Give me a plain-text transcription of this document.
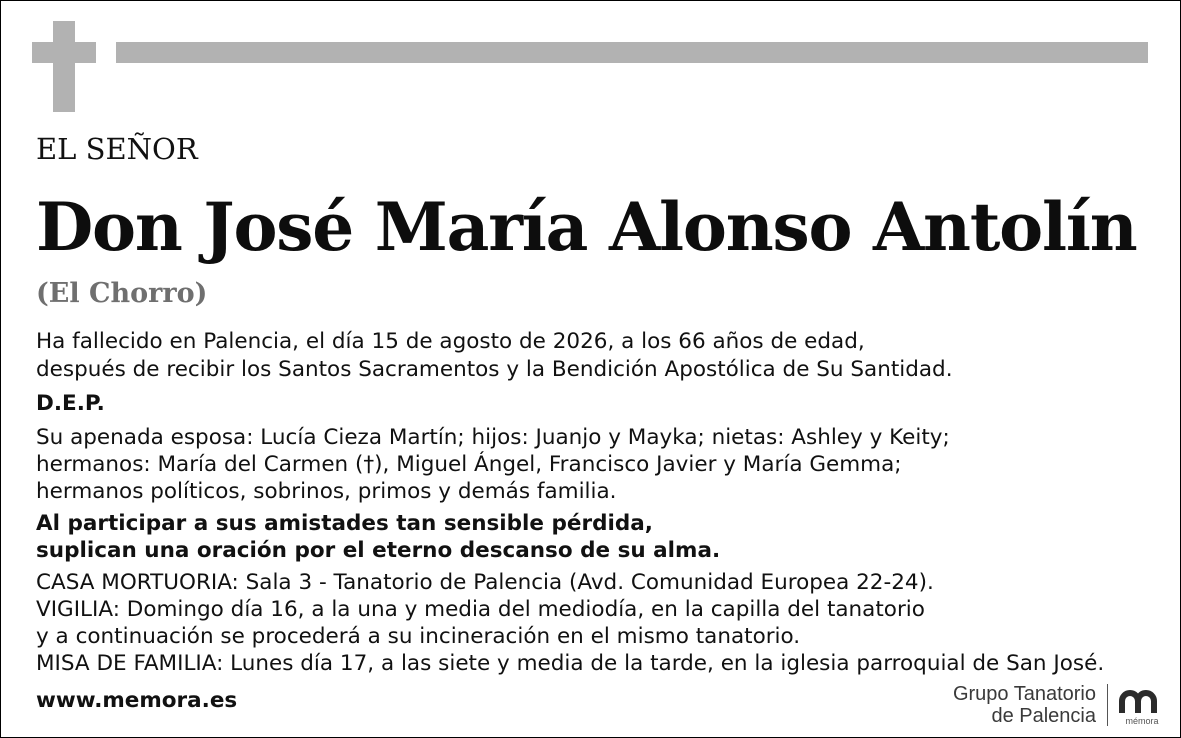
EL SEÑOR
Don José María Alonso Antolín
(El Chorro)
Ha fallecido en Palencia, el día 15 de agosto de 2026, a los 66 años de edad,
después de recibir los Santos Sacramentos y la Bendición Apostólica de Su Santidad.
D.E.P.
Su apenada esposa: Lucía Cieza Martín; hijos: Juanjo y Mayka; nietas: Ashley y Keity;
hermanos: María del Carmen (†), Miguel Ángel, Francisco Javier y María Gemma;
hermanos políticos, sobrinos, primos y demás familia.
Al participar a sus amistades tan sensible pérdida,
suplican una oración por el eterno descanso de su alma.
CASA MORTUORIA: Sala 3 - Tanatorio de Palencia (Avd. Comunidad Europea 22-24).
VIGILIA: Domingo día 16, a la una y media del mediodía, en la capilla del tanatorio
y a continuación se procederá a su incineración en el mismo tanatorio.
MISA DE FAMILIA: Lunes día 17, a las siete y media de la tarde, en la iglesia parroquial de San José.
www.memora.es	Grupo Tanatorio
de Palencia	mémora
